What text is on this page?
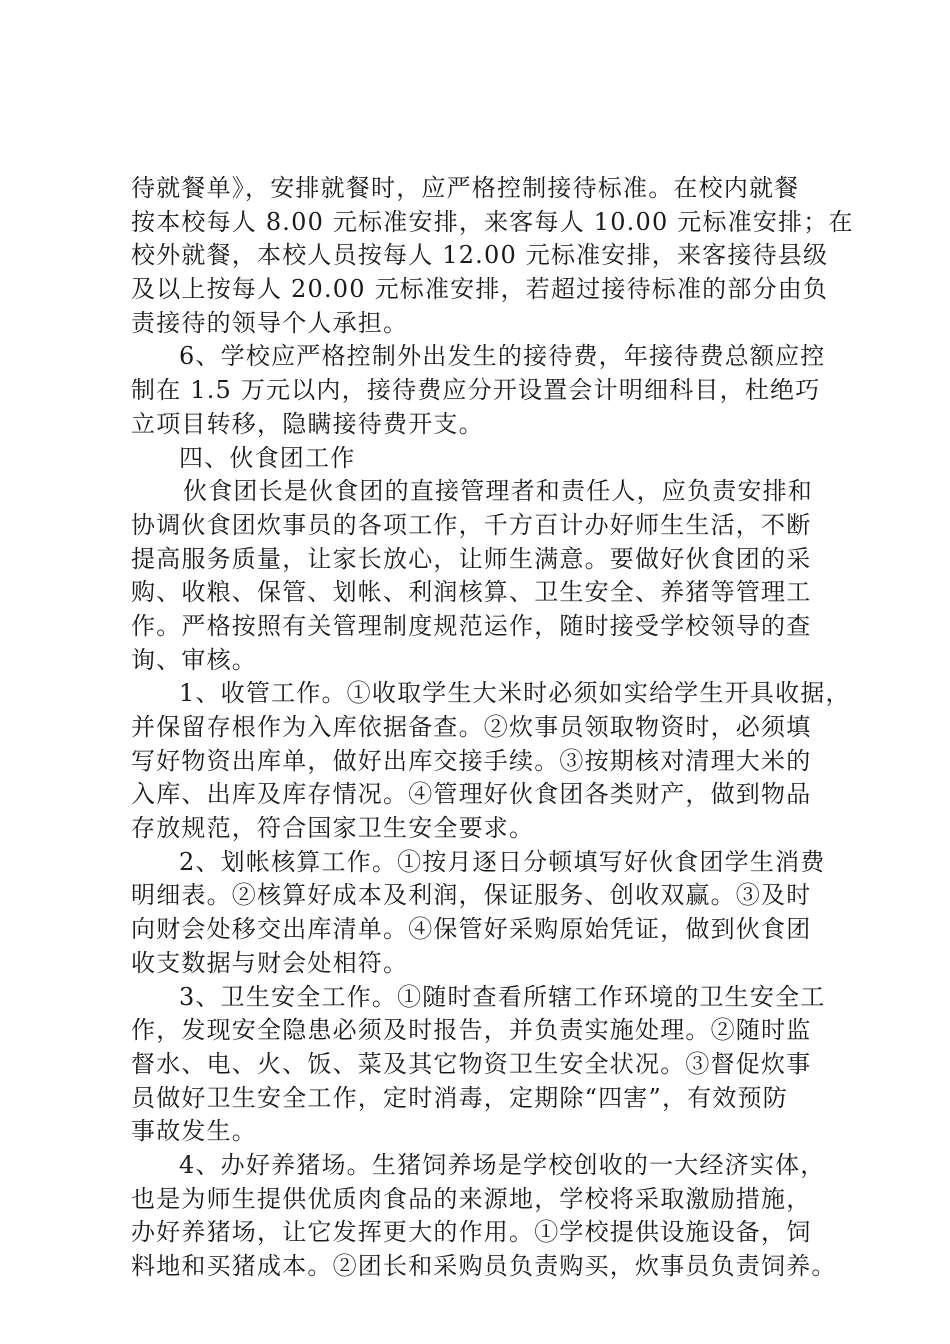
待就餐单》，安排就餐时，应严格控制接待标准。在校内就餐
按本校每人 8.00 元标准安排，来客每人 10.00 元标准安排；在
校外就餐，本校人员按每人 12.00 元标准安排，来客接待县级
及以上按每人 20.00 元标准安排，若超过接待标准的部分由负
责接待的领导个人承担。
6、学校应严格控制外出发生的接待费，年接待费总额应控
制在 1.5 万元以内，接待费应分开设置会计明细科目，杜绝巧
立项目转移，隐瞒接待费开支。
四、伙食团工作
伙食团长是伙食团的直接管理者和责任人，应负责安排和
协调伙食团炊事员的各项工作，千方百计办好师生生活，不断
提高服务质量，让家长放心，让师生满意。要做好伙食团的采
购、收粮、保管、划帐、利润核算、卫生安全、养猪等管理工
作。严格按照有关管理制度规范运作，随时接受学校领导的查
询、审核。
1、收管工作。①收取学生大米时必须如实给学生开具收据，
并保留存根作为入库依据备查。②炊事员领取物资时，必须填
写好物资出库单，做好出库交接手续。③按期核对清理大米的
入库、出库及库存情况。④管理好伙食团各类财产，做到物品
存放规范，符合国家卫生安全要求。
2、划帐核算工作。①按月逐日分顿填写好伙食团学生消费
明细表。②核算好成本及利润，保证服务、创收双赢。③及时
向财会处移交出库清单。④保管好采购原始凭证，做到伙食团
收支数据与财会处相符。
3、卫生安全工作。①随时查看所辖工作环境的卫生安全工
作，发现安全隐患必须及时报告，并负责实施处理。②随时监
督水、电、火、饭、菜及其它物资卫生安全状况。③督促炊事
员做好卫生安全工作，定时消毒，定期除“四害”，有效预防
事故发生。
4、办好养猪场。生猪饲养场是学校创收的一大经济实体，
也是为师生提供优质肉食品的来源地，学校将采取激励措施，
办好养猪场，让它发挥更大的作用。①学校提供设施设备，饲
料地和买猪成本。②团长和采购员负责购买，炊事员负责饲养。
